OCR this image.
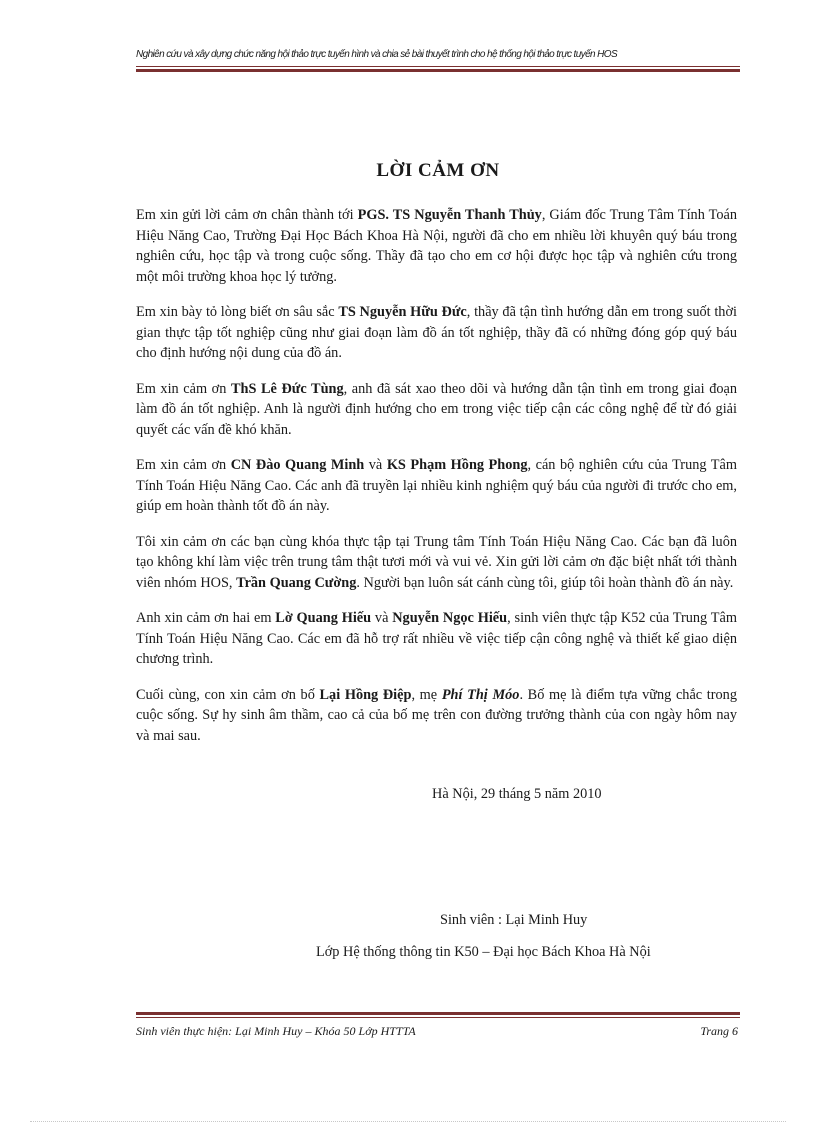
Nghiên cứu và xây dựng chức năng hội thảo trực tuyến hình và chia sẻ bài thuyết trình cho hệ thống hội thảo trực tuyến HOS
LỜI CẢM ƠN

Em xin gửi lời cảm ơn chân thành tới PGS. TS Nguyễn Thanh Thủy, Giám đốc Trung Tâm Tính Toán Hiệu Năng Cao, Trường Đại Học Bách Khoa Hà Nội, người đã cho em nhiều lời khuyên quý báu trong nghiên cứu, học tập và trong cuộc sống. Thầy đã tạo cho em cơ hội được học tập và nghiên cứu trong một môi trường khoa học lý tưởng.

Em xin bày tỏ lòng biết ơn sâu sắc TS Nguyễn Hữu Đức, thầy đã tận tình hướng dẫn em trong suốt thời gian thực tập tốt nghiệp cũng như giai đoạn làm đồ án tốt nghiệp, thầy đã có những đóng góp quý báu cho định hướng nội dung của đồ án.

Em xin cảm ơn ThS Lê Đức Tùng, anh đã sát xao theo dõi và hướng dẫn tận tình em trong giai đoạn làm đồ án tốt nghiệp. Anh là người định hướng cho em trong việc tiếp cận các công nghệ để từ đó giải quyết các vấn đề khó khăn.

Em xin cảm ơn CN Đào Quang Minh và KS Phạm Hồng Phong, cán bộ nghiên cứu của Trung Tâm Tính Toán Hiệu Năng Cao. Các anh đã truyền lại nhiều kinh nghiệm quý báu của người đi trước cho em, giúp em hoàn thành tốt đồ án này.

Tôi xin cảm ơn các bạn cùng khóa thực tập tại Trung tâm Tính Toán Hiệu Năng Cao. Các bạn đã luôn tạo không khí làm việc trên trung tâm thật tươi mới và vui vẻ. Xin gửi lời cảm ơn đặc biệt nhất tới thành viên nhóm HOS, Trần Quang Cường. Người bạn luôn sát cánh cùng tôi, giúp tôi hoàn thành đồ án này.

Anh xin cảm ơn hai em Lờ Quang Hiếu và Nguyễn Ngọc Hiếu, sinh viên thực tập K52 của Trung Tâm Tính Toán Hiệu Năng Cao. Các em đã hỗ trợ rất nhiều về việc tiếp cận công nghệ và thiết kế giao diện chương trình.

Cuối cùng, con xin cảm ơn bố Lại Hồng Điệp, mẹ Phí Thị Móo. Bố mẹ là điểm tựa vững chắc trong cuộc sống. Sự hy sinh âm thầm, cao cả của bố mẹ trên con đường trưởng thành của con ngày hôm nay và mai sau.

Hà Nội, 29 tháng 5 năm 2010
Sinh viên : Lại Minh Huy
Lớp Hệ thống thông tin K50 – Đại học Bách Khoa Hà Nội
Sinh viên thực hiện: Lại Minh Huy – Khóa 50 Lớp HTTTA	Trang 6
